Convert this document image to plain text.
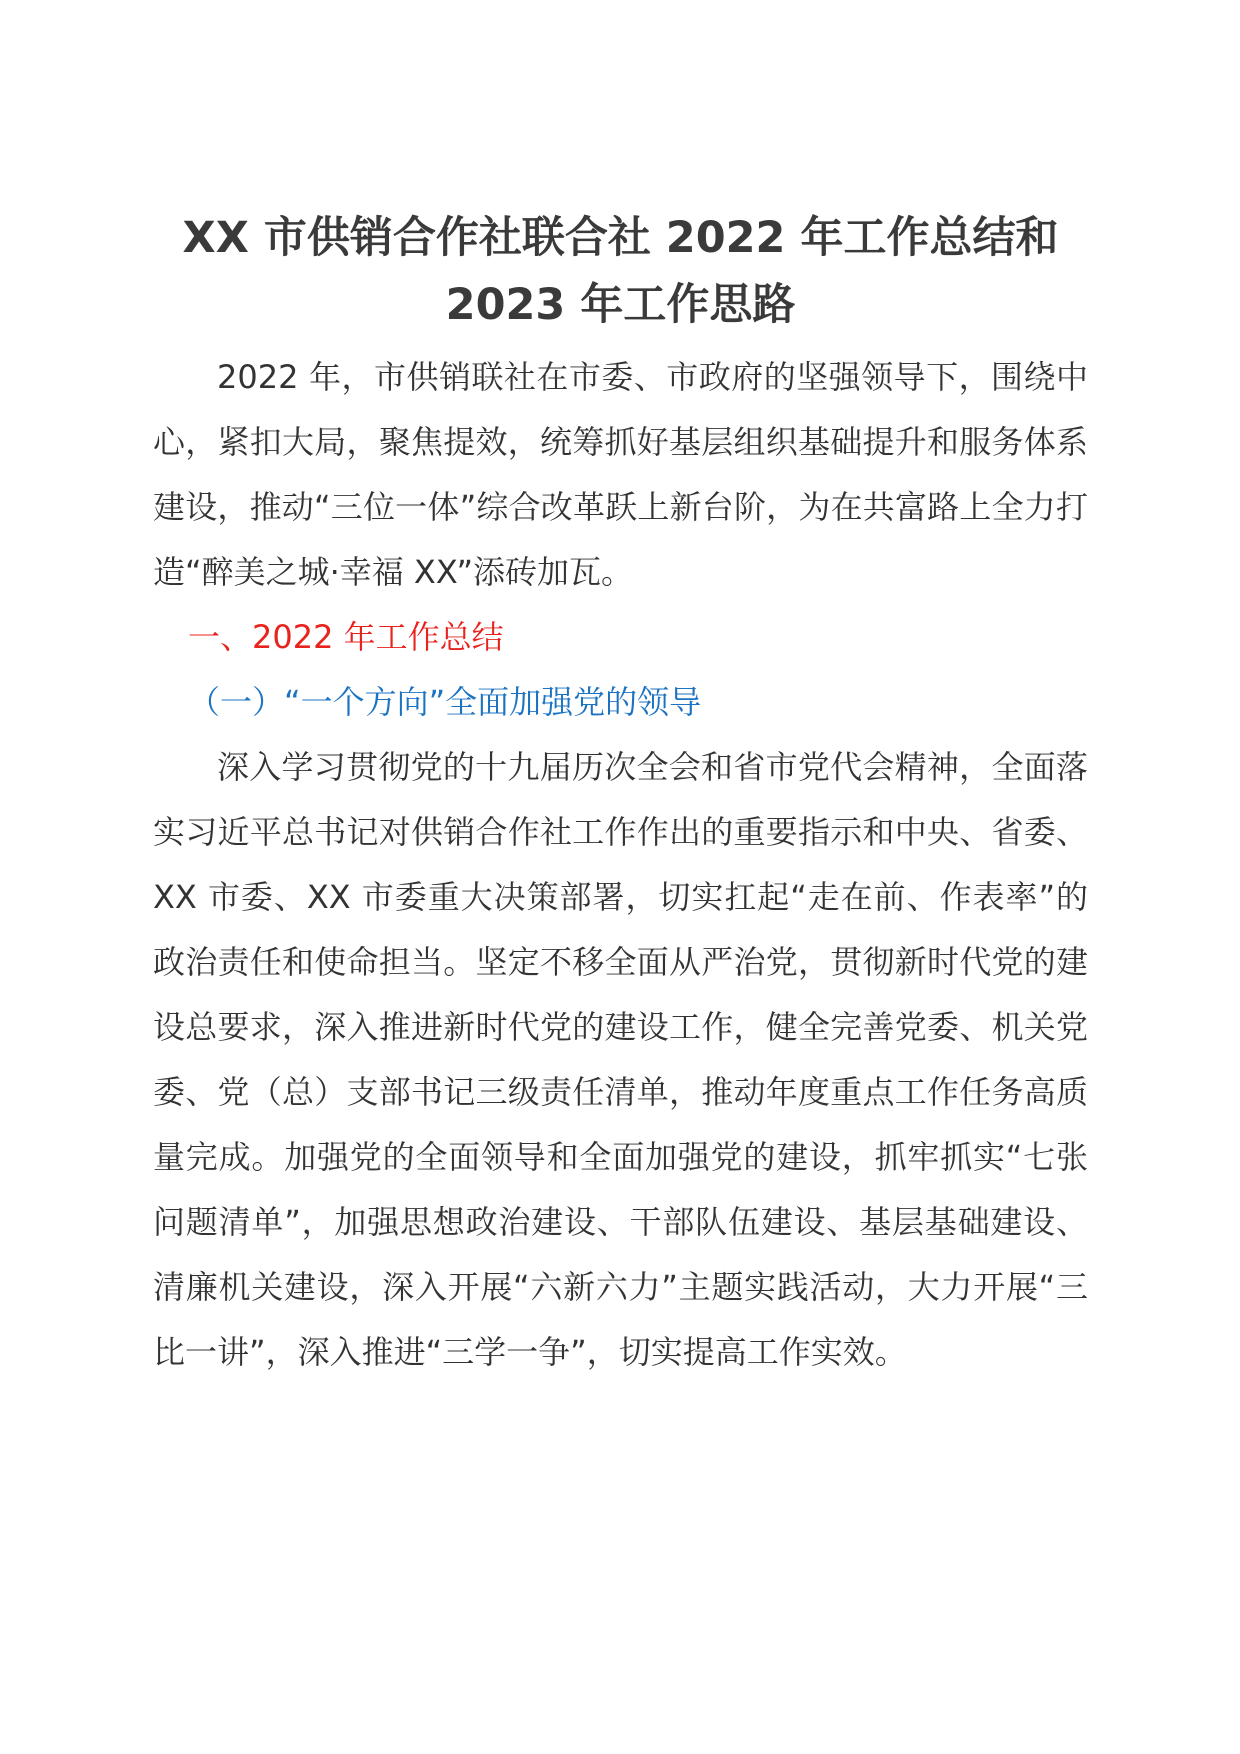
XX 市供销合作社联合社 2022 年工作总结和
2023 年工作思路

2022 年，市供销联社在市委、市政府的坚强领导下，围绕中心，紧扣大局，聚焦提效，统筹抓好基层组织基础提升和服务体系建设，推动“三位一体”综合改革跃上新台阶，为在共富路上全力打造“醉美之城·幸福 XX”添砖加瓦。

一、2022 年工作总结

（一）“一个方向”全面加强党的领导

深入学习贯彻党的十九届历次全会和省市党代会精神，全面落实习近平总书记对供销合作社工作作出的重要指示和中央、省委、XX 市委、XX 市委重大决策部署，切实扛起“走在前、作表率”的政治责任和使命担当。坚定不移全面从严治党，贯彻新时代党的建设总要求，深入推进新时代党的建设工作，健全完善党委、机关党委、党（总）支部书记三级责任清单，推动年度重点工作任务高质量完成。加强党的全面领导和全面加强党的建设，抓牢抓实“七张问题清单”，加强思想政治建设、干部队伍建设、基层基础建设、清廉机关建设，深入开展“六新六力”主题实践活动，大力开展“三比一讲”，深入推进“三学一争”，切实提高工作实效。
